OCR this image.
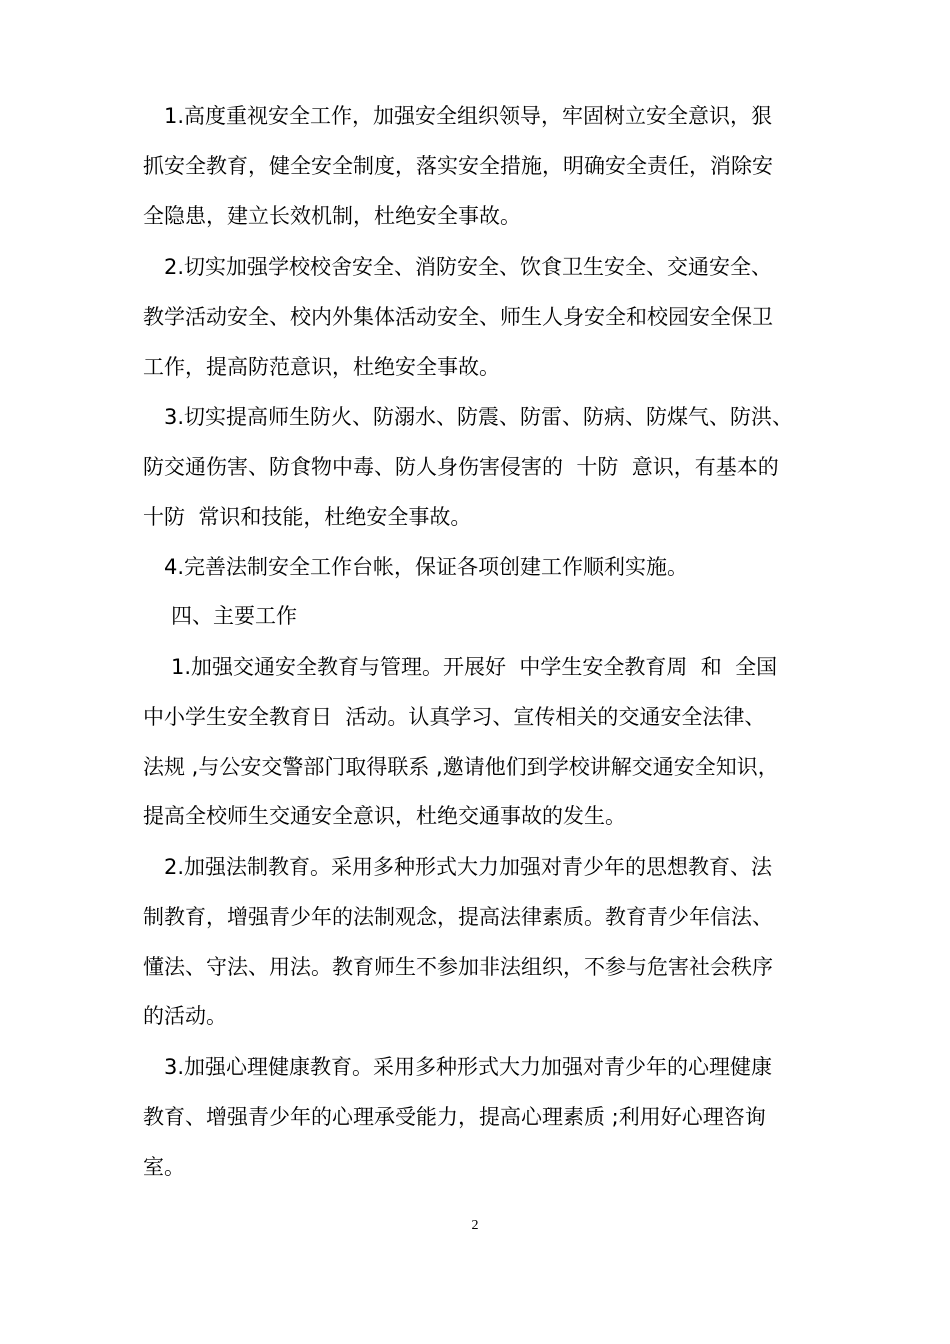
1.高度重视安全工作，加强安全组织领导，牢固树立安全意识，狠
抓安全教育，健全安全制度，落实安全措施，明确安全责任，消除安
全隐患，建立长效机制，杜绝安全事故。
2.切实加强学校校舍安全、消防安全、饮食卫生安全、交通安全、
教学活动安全、校内外集体活动安全、师生人身安全和校园安全保卫
工作，提高防范意识，杜绝安全事故。
3.切实提高师生防火、防溺水、防震、防雷、防病、防煤气、防洪、
防交通伤害、防食物中毒、防人身伤害侵害的  十防  意识，有基本的
十防  常识和技能，杜绝安全事故。
4.完善法制安全工作台帐，保证各项创建工作顺利实施。
四、主要工作
1.加强交通安全教育与管理。开展好  中学生安全教育周  和  全国
中小学生安全教育日  活动。认真学习、宣传相关的交通安全法律、
法规 ,与公安交警部门取得联系 ,邀请他们到学校讲解交通安全知识，
提高全校师生交通安全意识，杜绝交通事故的发生。
2.加强法制教育。采用多种形式大力加强对青少年的思想教育、法
制教育，增强青少年的法制观念，提高法律素质。教育青少年信法、
懂法、守法、用法。教育师生不参加非法组织，不参与危害社会秩序
的活动。
3.加强心理健康教育。采用多种形式大力加强对青少年的心理健康
教育、增强青少年的心理承受能力，提高心理素质 ;利用好心理咨询
室。
2
